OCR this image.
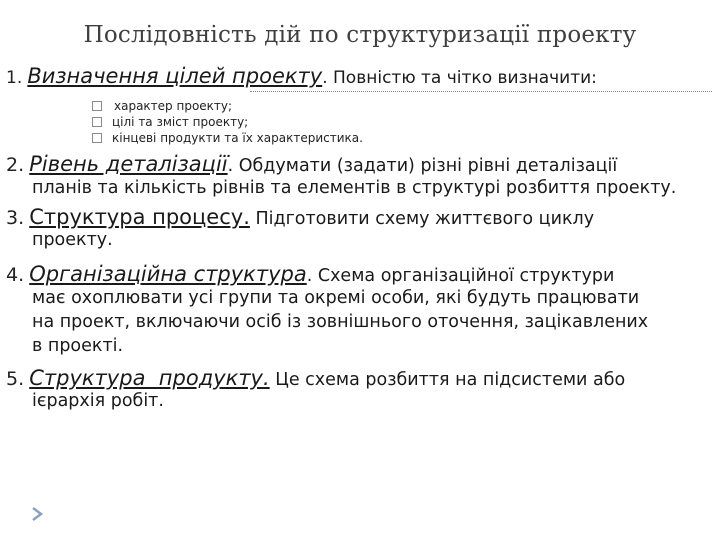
Послідовність дій по структуризації проекту
1. Визначення цілей проекту. Повністю та чітко визначити:
характер проекту;
цілі та зміст проекту;
кінцеві продукти та їх характеристика.
2. Рівень деталізації. Обдумати (задати) різні рівні деталізації
планів та кількість рівнів та елементів в структурі розбиття проекту.
3. Структура процесу. Підготовити схему життєвого циклу
проекту.
4. Організаційна структура. Схема організаційної структури
має охоплювати усі групи та окремі особи, які будуть працювати
на проект, включаючи осіб із зовнішнього оточення, зацікавлених
в проекті.
5. Структура  продукту. Це схема розбиття на підсистеми або
ієрархія робіт.
